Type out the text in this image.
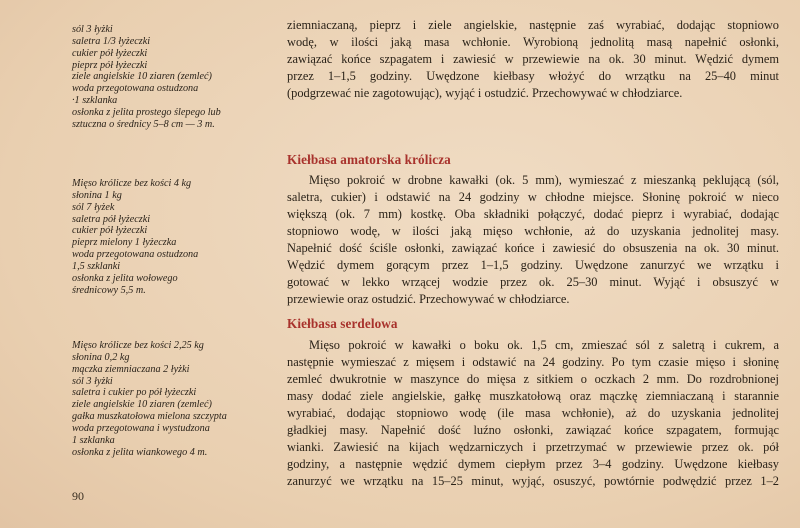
sól 3 łyżki
saletra 1/3 łyżeczki
cukier pół łyżeczki
pieprz pół łyżeczki
ziele angielskie 10 ziaren (zemleć)
woda przegotowana ostudzona
·1 szklanka
osłonka z jelita prostego ślepego lub
sztuczna o średnicy 5–8 cm — 3 m.
Mięso królicze bez kości 4 kg
słonina 1 kg
sól 7 łyżek
saletra pół łyżeczki
cukier pół łyżeczki
pieprz mielony 1 łyżeczka
woda przegotowana ostudzona
1,5 szklanki
osłonka z jelita wołowego
średnicowy 5,5 m.
Mięso królicze bez kości 2,25 kg
słonina 0,2 kg
mączka ziemniaczana 2 łyżki
sól 3 łyżki
saletra i cukier po pół łyżeczki
ziele angielskie 10 ziaren (zemleć)
gałka muszkatołowa mielona szczypta
woda przegotowana i wystudzona
1 szklanka
osłonka z jelita wiankowego 4 m.
90
ziemniaczaną, pieprz i ziele angielskie, następnie zaś wyrabiać, dodając stopniowo
wodę, w ilości jaką masa wchłonie. Wyrobioną jednolitą masą napełnić osłonki,
zawiązać końce szpagatem i zawiesić w przewiewie na ok. 30 minut. Wędzić dymem
przez 1–1,5 godziny. Uwędzone kiełbasy włożyć do wrzątku na 25–40 minut
(podgrzewać nie zagotowując), wyjąć i ostudzić. Przechowywać w chłodziarce.
Kiełbasa amatorska królicza
Mięso pokroić w drobne kawałki (ok. 5 mm), wymieszać z mieszanką peklującą (sól,
saletra, cukier) i odstawić na 24 godziny w chłodne miejsce. Słoninę pokroić w nieco
większą (ok. 7 mm) kostkę. Oba składniki połączyć, dodać pieprz i wyrabiać, dodając
stopniowo wodę, w ilości jaką mięso wchłonie, aż do uzyskania jednolitej masy.
Napełnić dość ściśle osłonki, zawiązać końce i zawiesić do obsuszenia na ok. 30 minut.
Wędzić dymem gorącym przez 1–1,5 godziny. Uwędzone zanurzyć we wrzątku i
gotować w lekko wrzącej wodzie przez ok. 25–30 minut. Wyjąć i obsuszyć w
przewiewie oraz ostudzić. Przechowywać w chłodziarce.
Kiełbasa serdelowa
Mięso pokroić w kawałki o boku ok. 1,5 cm, zmieszać sól z saletrą i cukrem, a
następnie wymieszać z mięsem i odstawić na 24 godziny. Po tym czasie mięso i słoninę
zemleć dwukrotnie w maszynce do mięsa z sitkiem o oczkach 2 mm. Do rozdrobnionej
masy dodać ziele angielskie, gałkę muszkatołową oraz mączkę ziemniaczaną i starannie
wyrabiać, dodając stopniowo wodę (ile masa wchłonie), aż do uzyskania jednolitej
gładkiej masy. Napełnić dość luźno osłonki, zawiązać końce szpagatem, formując
wianki. Zawiesić na kijach wędzarniczych i przetrzymać w przewiewie przez ok. pół
godziny, a następnie wędzić dymem ciepłym przez 3–4 godziny. Uwędzone kiełbasy
zanurzyć we wrzątku na 15–25 minut, wyjąć, osuszyć, powtórnie podwędzić przez 1–2
